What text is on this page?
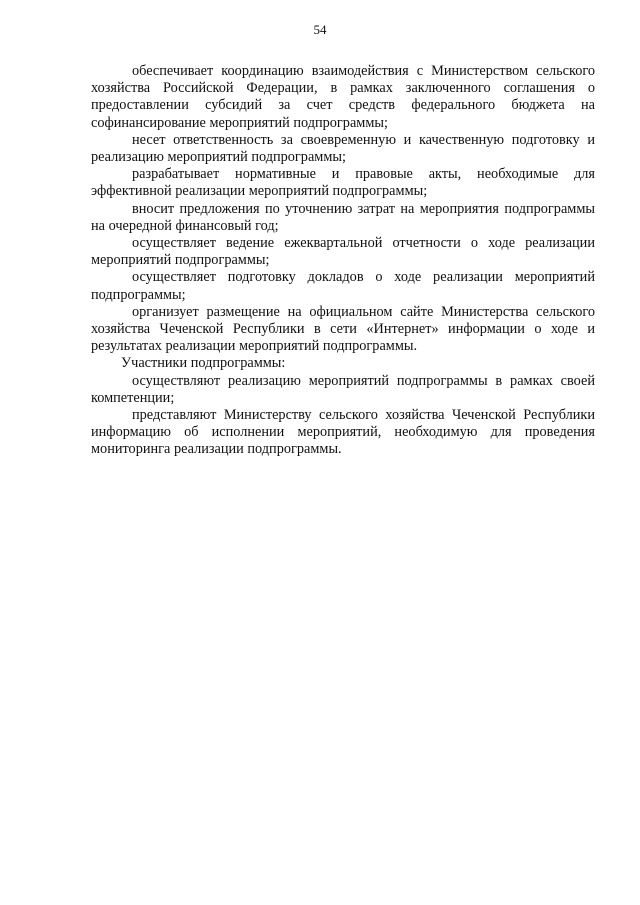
54

обеспечивает координацию взаимодействия с Министерством сельского хозяйства Российской Федерации, в рамках заключенного соглашения о предоставлении субсидий за счет средств федерального бюджета на софинансирование мероприятий подпрограммы;

несет ответственность за своевременную и качественную подготовку и реализацию мероприятий подпрограммы;

разрабатывает нормативные и правовые акты, необходимые для эффективной реализации мероприятий подпрограммы;

вносит предложения по уточнению затрат на мероприятия подпрограммы на очередной финансовый год;

осуществляет ведение ежеквартальной отчетности о ходе реализации мероприятий подпрограммы;

осуществляет подготовку докладов о ходе реализации мероприятий подпрограммы;

организует размещение на официальном сайте Министерства сельского хозяйства Чеченской Республики в сети «Интернет» информации о ходе и результатах реализации мероприятий подпрограммы.

Участники подпрограммы:

осуществляют реализацию мероприятий подпрограммы в рамках своей компетенции;

представляют Министерству сельского хозяйства Чеченской Республики информацию об исполнении мероприятий, необходимую для проведения мониторинга реализации подпрограммы.
